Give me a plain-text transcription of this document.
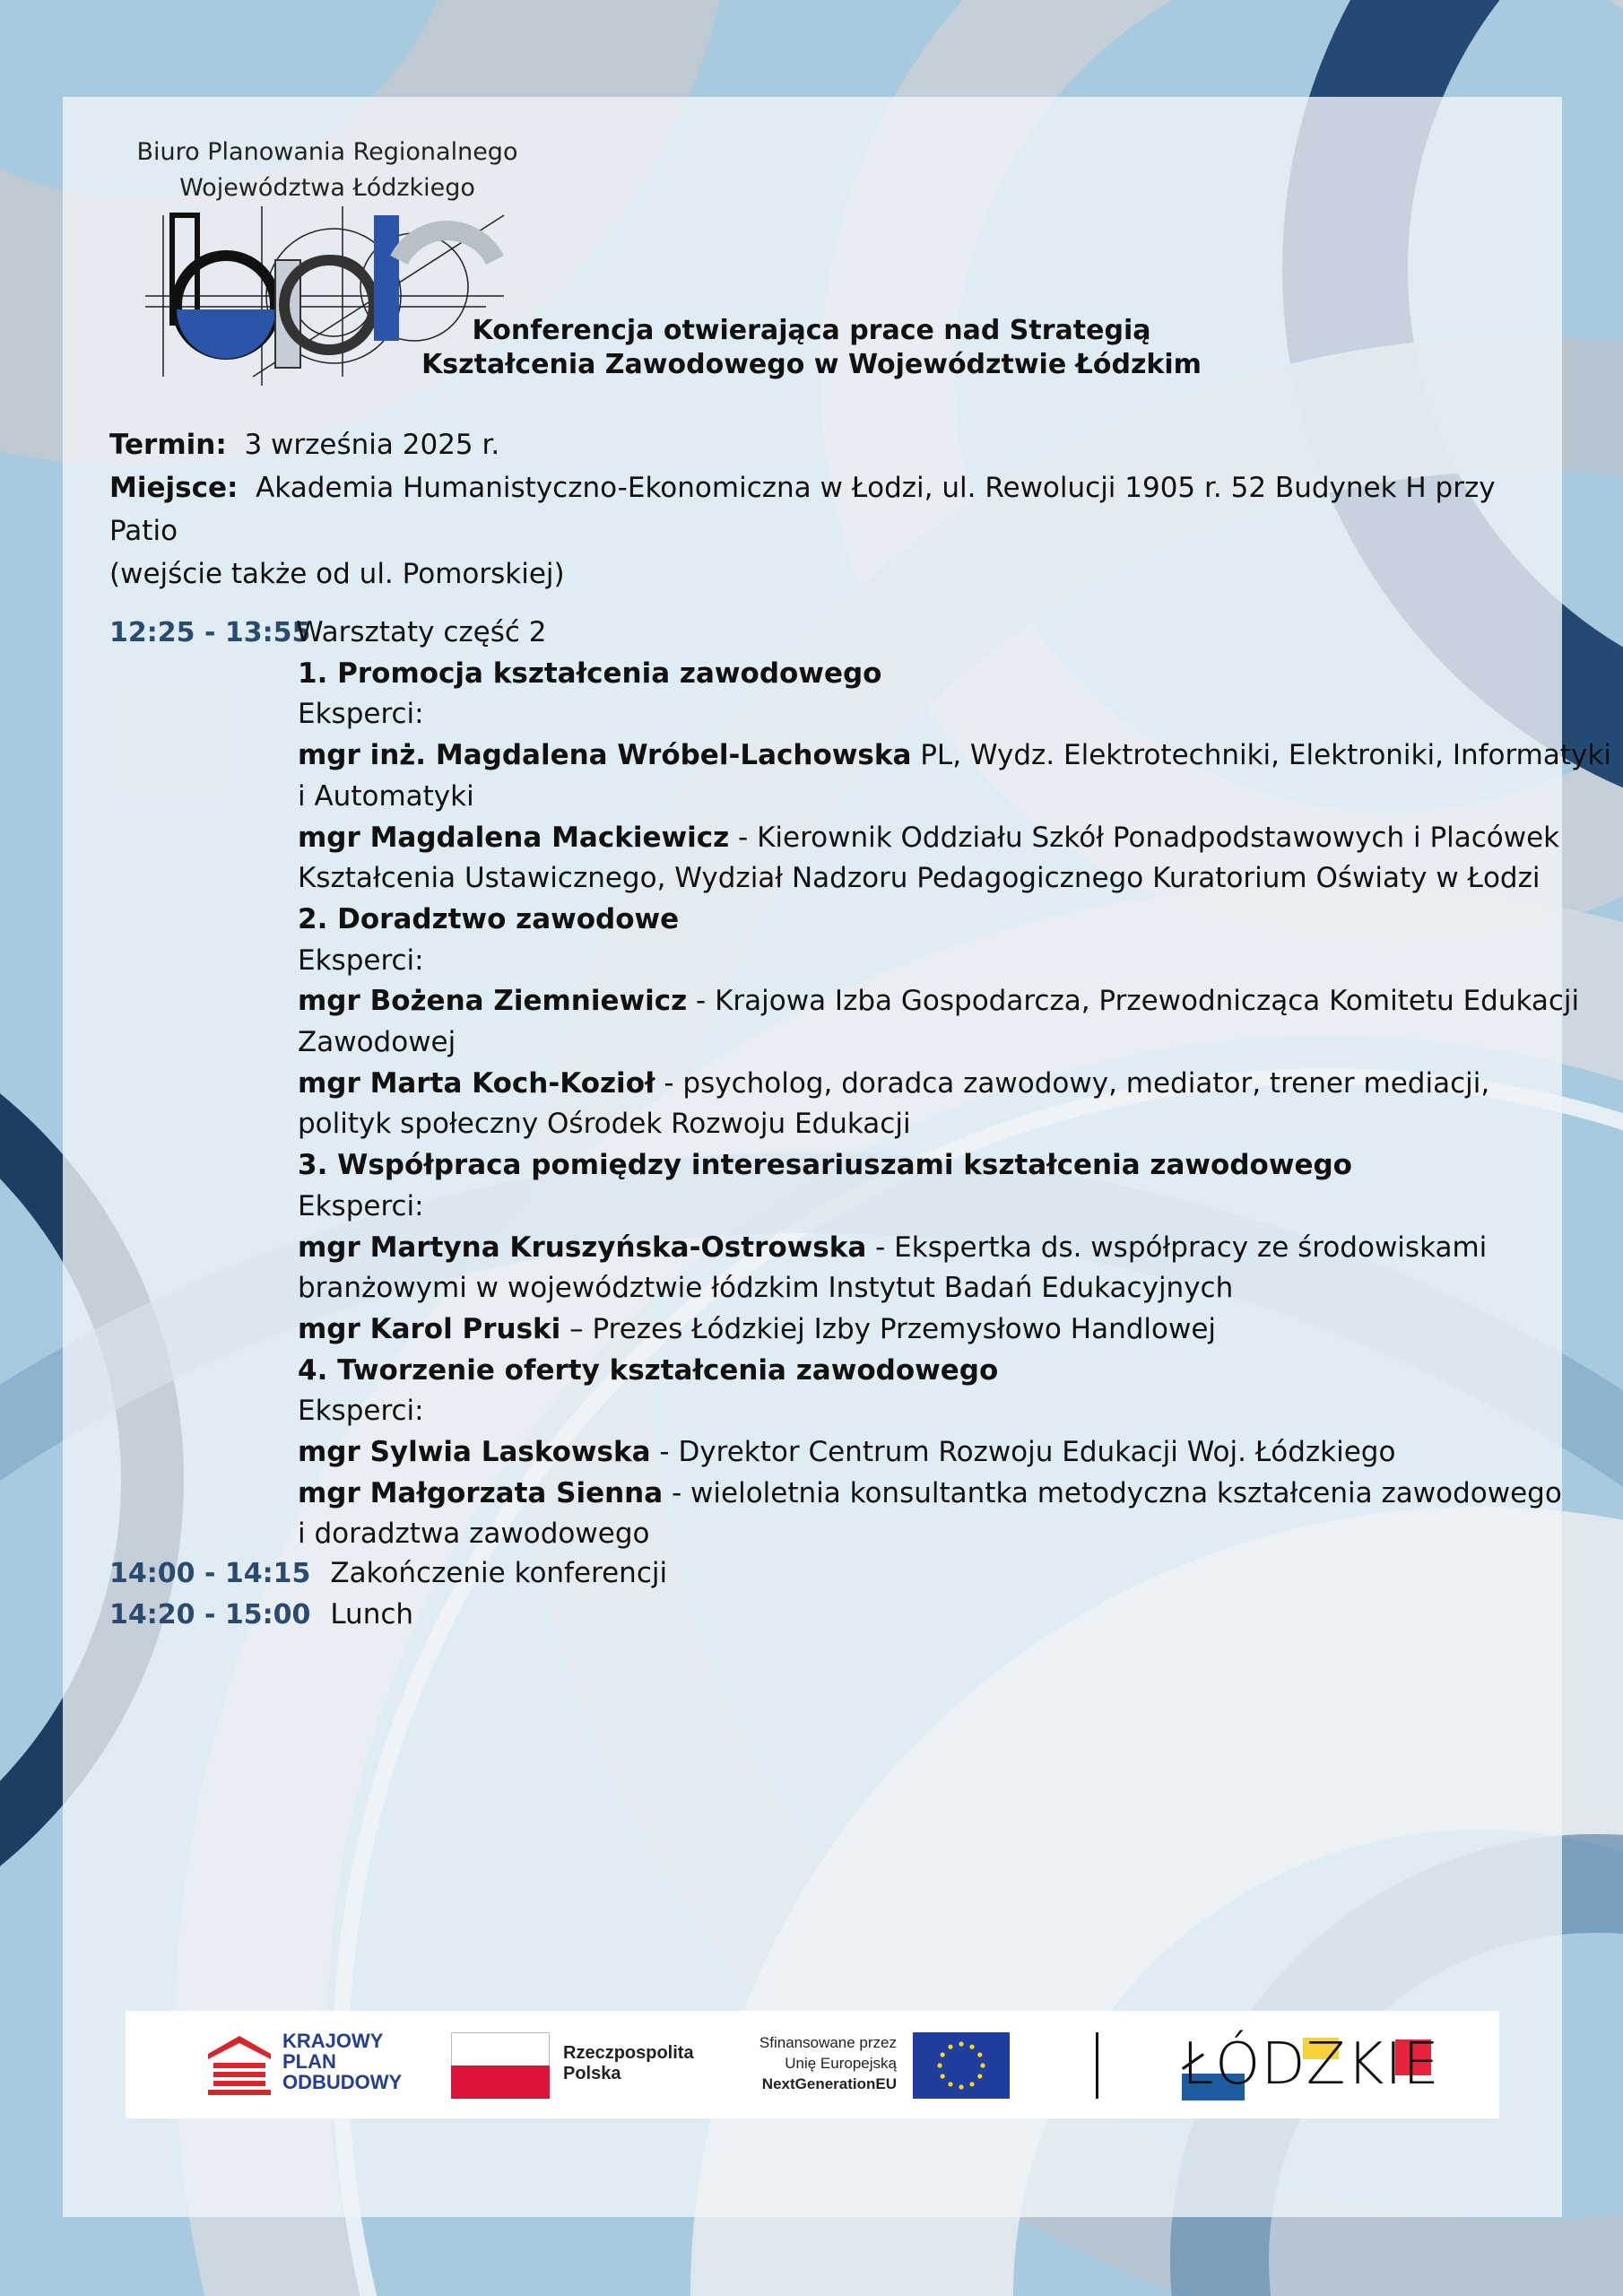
Biuro Planowania Regionalnego
Województwa Łódzkiego
Konferencja otwierająca prace nad Strategią
Kształcenia Zawodowego w Województwie Łódzkim
Termin: 3 września 2025 r.
Miejsce: Akademia Humanistyczno-Ekonomiczna w Łodzi, ul. Rewolucji 1905 r. 52 Budynek H przy Patio
(wejście także od ul. Pomorskiej)
12:25 - 13:55
Warsztaty część 2
1. Promocja kształcenia zawodowego
Eksperci:
mgr inż. Magdalena Wróbel-Lachowska PL, Wydz. Elektrotechniki, Elektroniki, Informatyki
i Automatyki
mgr Magdalena Mackiewicz - Kierownik Oddziału Szkół Ponadpodstawowych i Placówek
Kształcenia Ustawicznego, Wydział Nadzoru Pedagogicznego Kuratorium Oświaty w Łodzi
2. Doradztwo zawodowe
Eksperci:
mgr Bożena Ziemniewicz - Krajowa Izba Gospodarcza, Przewodnicząca Komitetu Edukacji
Zawodowej
mgr Marta Koch-Kozioł - psycholog, doradca zawodowy, mediator, trener mediacji,
polityk społeczny Ośrodek Rozwoju Edukacji
3. Współpraca pomiędzy interesariuszami kształcenia zawodowego
Eksperci:
mgr Martyna Kruszyńska-Ostrowska - Ekspertka ds. współpracy ze środowiskami
branżowymi w województwie łódzkim Instytut Badań Edukacyjnych
mgr Karol Pruski – Prezes Łódzkiej Izby Przemysłowo Handlowej
4. Tworzenie oferty kształcenia zawodowego
Eksperci:
mgr Sylwia Laskowska - Dyrektor Centrum Rozwoju Edukacji Woj. Łódzkiego
mgr Małgorzata Sienna - wieloletnia konsultantka metodyczna kształcenia zawodowego
i doradztwa zawodowego
14:00 - 14:15 Zakończenie konferencji
14:20 - 15:00 Lunch
KRAJOWY
PLAN
ODBUDOWY
Rzeczpospolita
Polska
Sfinansowane przez
Unię Europejską
NextGenerationEU	ŁÓDZKIE
